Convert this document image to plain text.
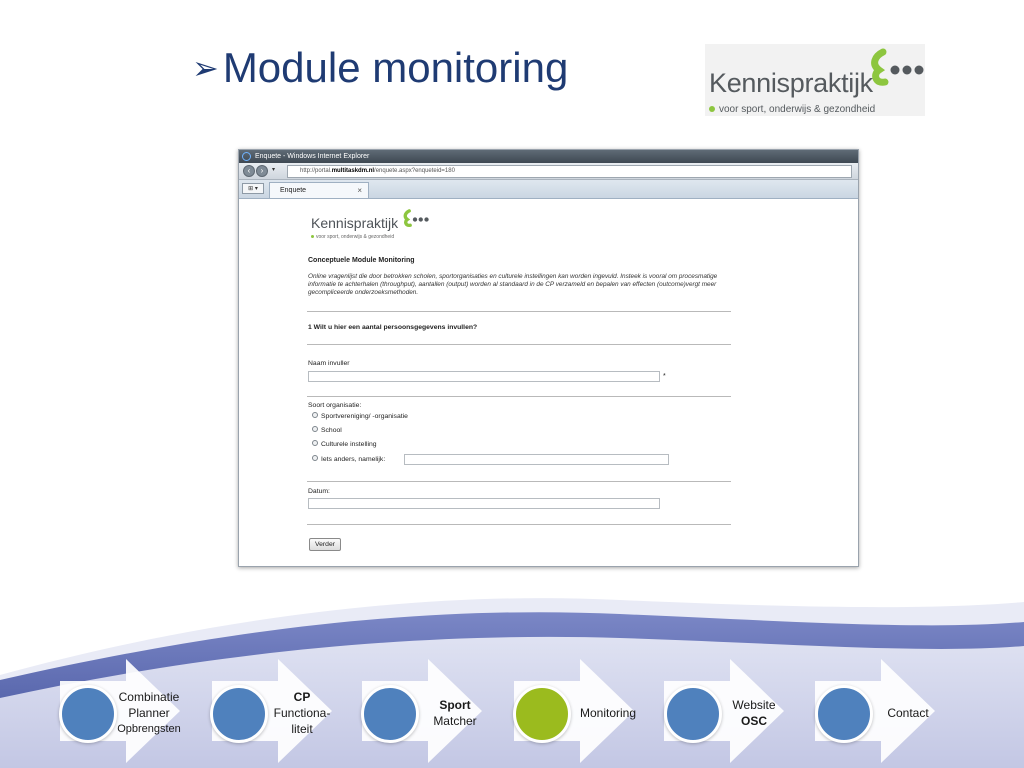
➢Module monitoring	Kennispraktijk
voor sport, onderwijs & gezondheid
Enquete - Windows Internet Explorer
‹	›	▾	http://portal.multitaskdm.nl/enquete.aspx?enqueteid=180
⊞ ▾	Enquete	×
Kennispraktijk
voor sport, onderwijs & gezondheid
Conceptuele Module Monitoring
Online vragenlijst die door betrokken scholen, sportorganisaties en culturele instellingen kan worden ingevuld. Insteek is vooral om procesmatige informatie te achterhalen (throughput), aantallen (output) worden al standaard in de CP verzameld en bepalen van effecten (outcome)vergt meer gecompliceerde onderzoeksmethoden.
1 Wilt u hier een aantal persoonsgegevens invullen?
Naam invuller
*
Soort organisatie:
Sportvereniging/ -organisatie
School
Culturele instelling
Iets anders, namelijk:
Datum:
Verder
Combinatie
Planner
Opbrengsten
CP
Functiona-
liteit
Sport
Matcher
Monitoring
Website
OSC
Contact
